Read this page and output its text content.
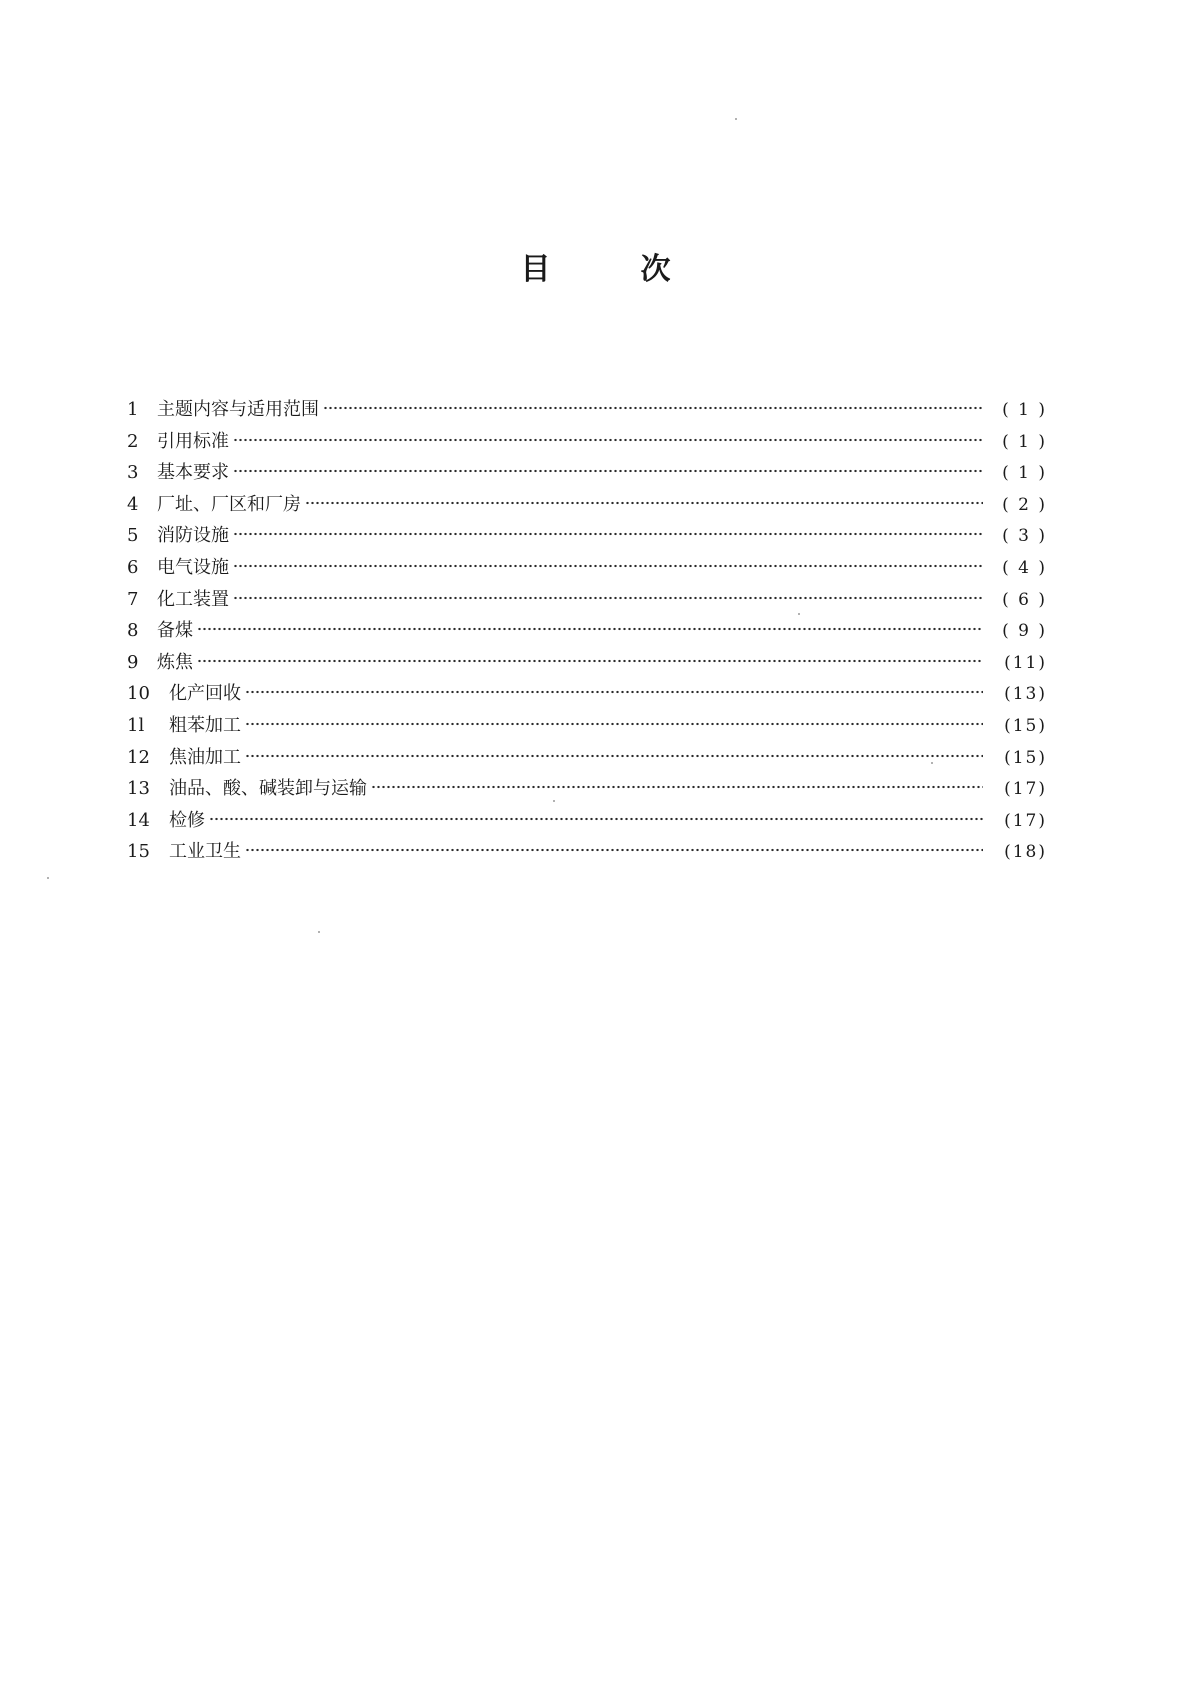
目	次
1	主题内容与适用范围	( 1 )
2	引用标准	( 1 )
3	基本要求	( 1 )
4	厂址、厂区和厂房	( 2 )
5	消防设施	( 3 )
6	电气设施	( 4 )
7	化工装置	( 6 )
8	备煤	( 9 )
9	炼焦	(11)
10	化产回收	(13)
1l	粗苯加工	(15)
12	焦油加工	(15)
13	油品、酸、碱装卸与运输	(17)
14	检修	(17)
15	工业卫生	(18)
